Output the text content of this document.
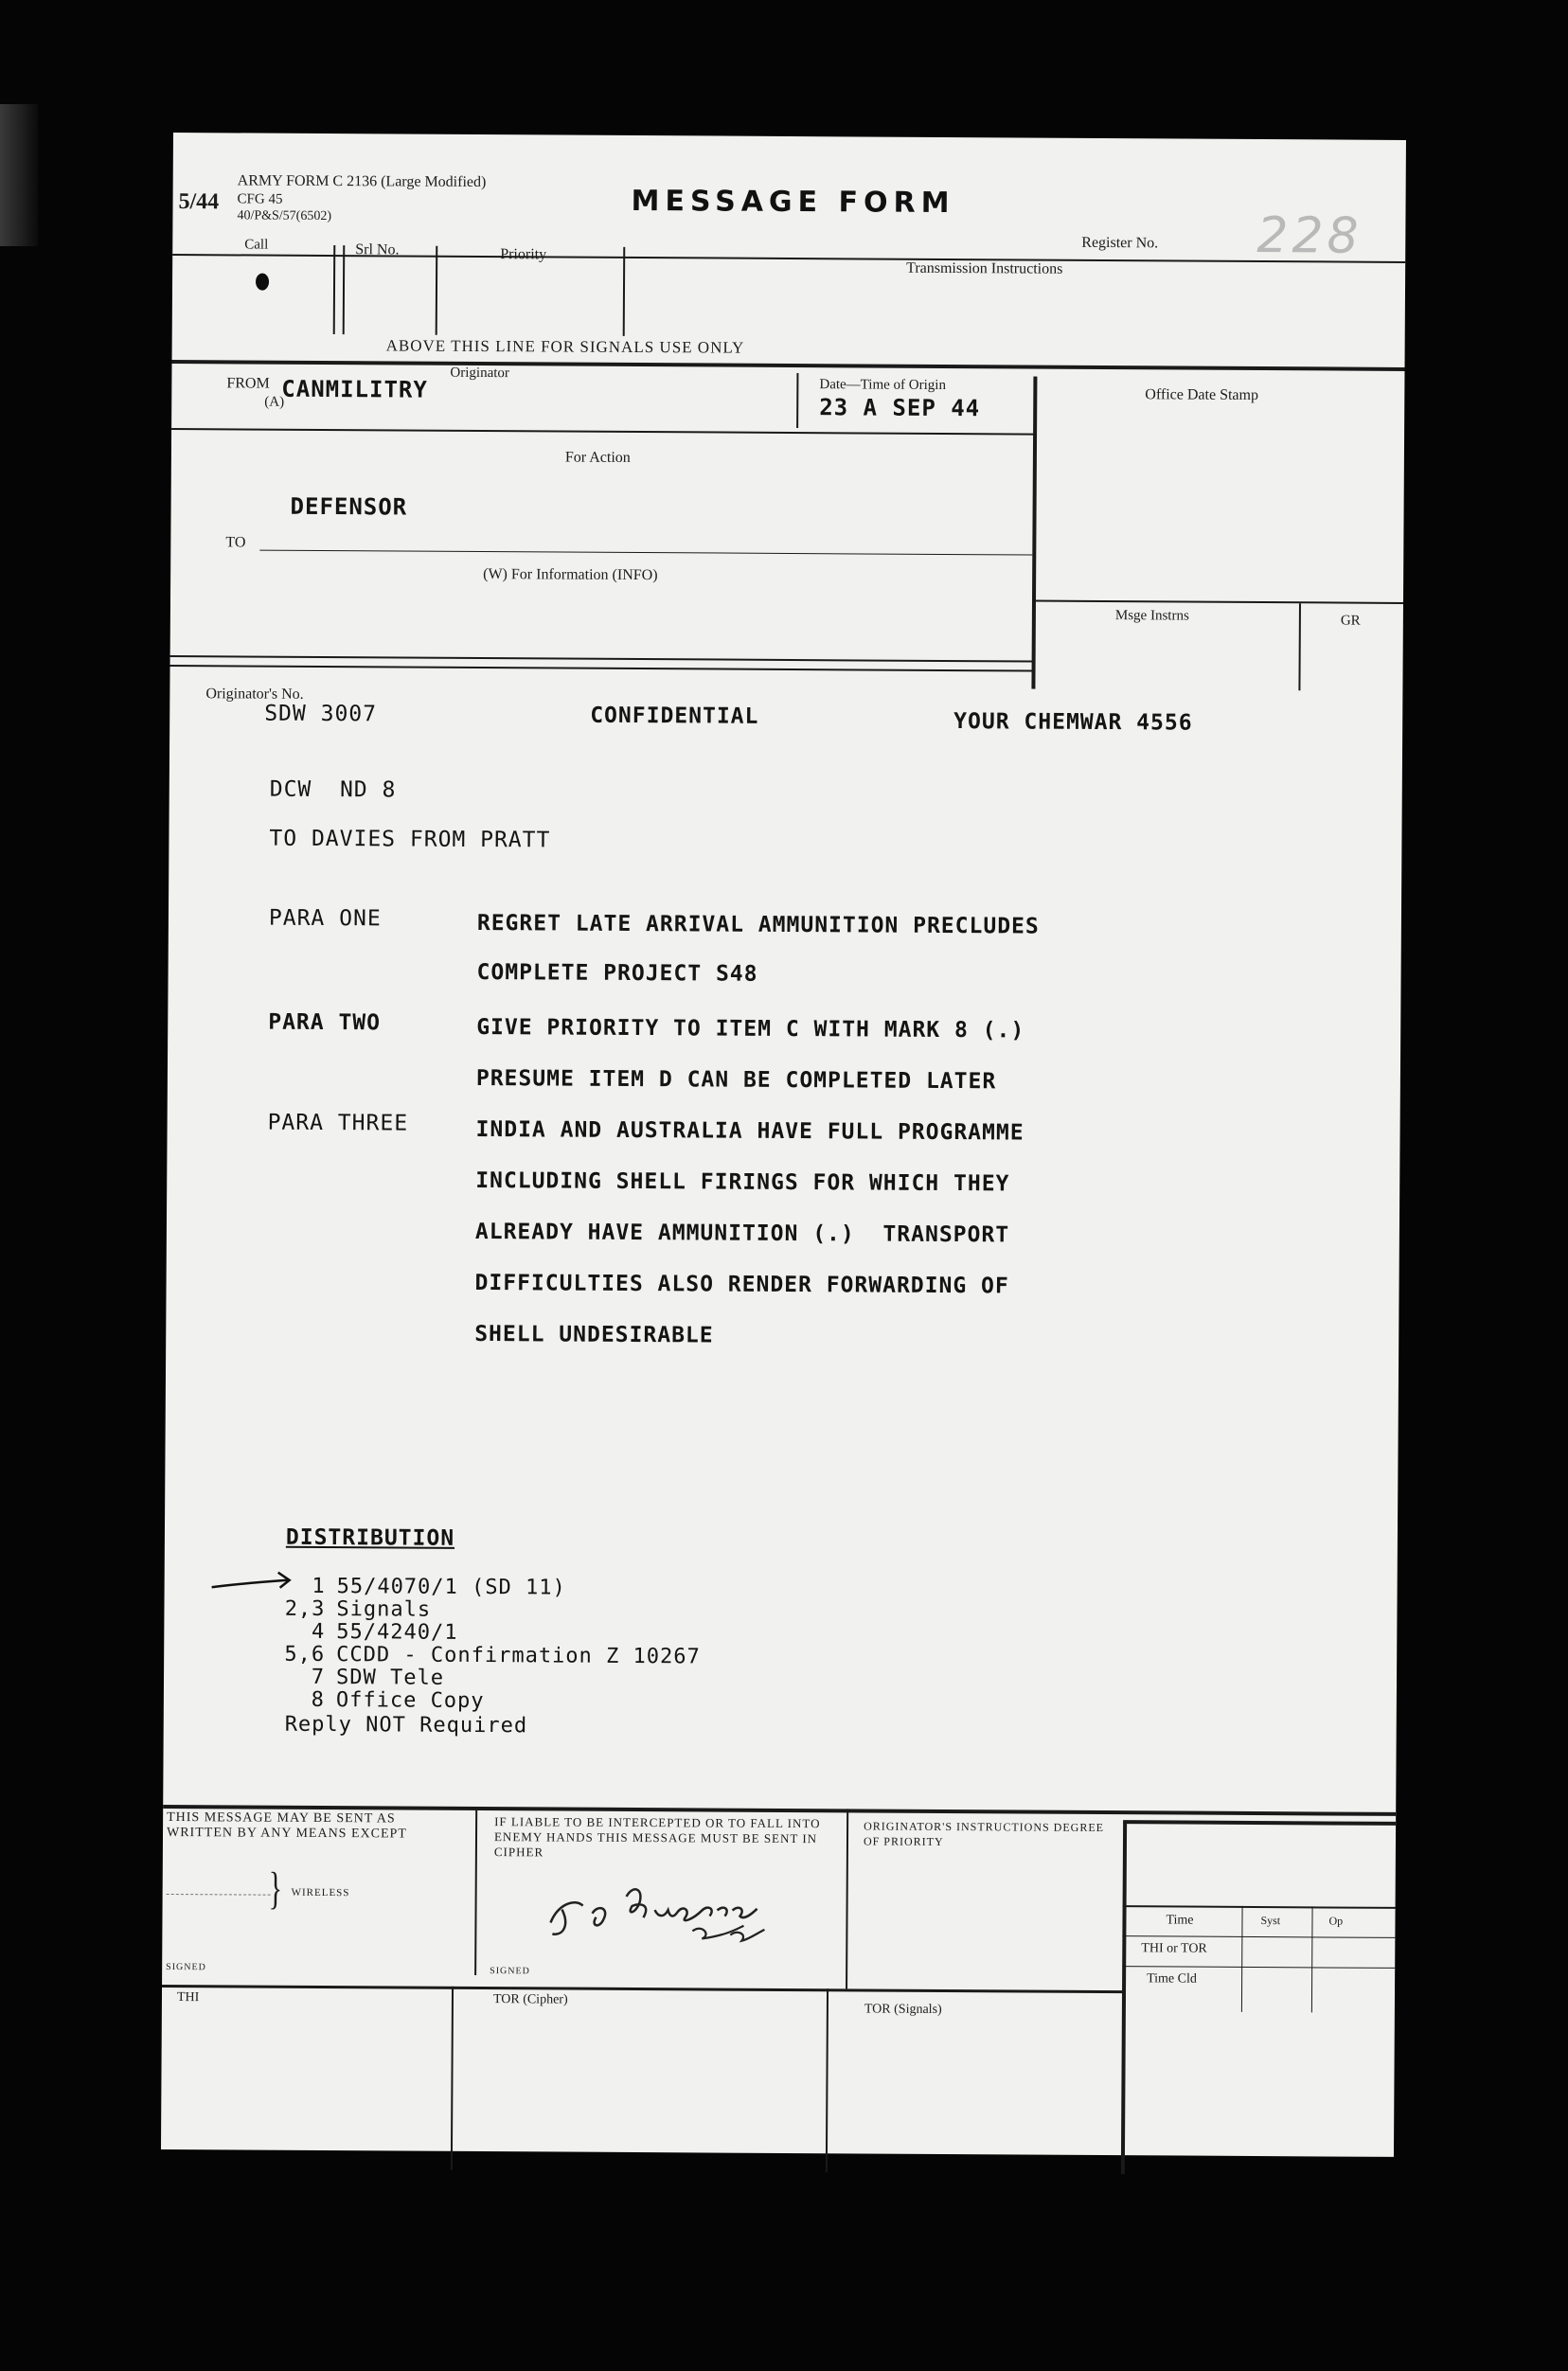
5/44
ARMY FORM C 2136 (Large Modified)
CFG 45
40/P&S/57(6502)	MESSAGE FORM
Register No. 228
Call	Srl No.	Priority
Transmission Instructions
ABOVE THIS LINE FOR SIGNALS USE ONLY
FROM
(A)
Originator
CANMILITRY	Date—Time of Origin
23 A SEP 44	Office Date Stamp
For Action
DEFENSOR
TO
(W) For Information (INFO)
Msge Instrns	GR
Originator's No.
SDW 3007	CONFIDENTIAL	YOUR CHEMWAR 4556
DCW  ND 8
TO DAVIES FROM PRATT
PARA ONE	REGRET LATE ARRIVAL AMMUNITION PRECLUDES
COMPLETE PROJECT S48
PARA TWO	GIVE PRIORITY TO ITEM C WITH MARK 8 (.)
PRESUME ITEM D CAN BE COMPLETED LATER
PARA THREE	INDIA AND AUSTRALIA HAVE FULL PROGRAMME
INCLUDING SHELL FIRINGS FOR WHICH THEY
ALREADY HAVE AMMUNITION (.)  TRANSPORT
DIFFICULTIES ALSO RENDER FORWARDING OF
SHELL UNDESIRABLE
DISTRIBUTION
1 55/4070/1 (SD 11)
2,3 Signals
4 55/4240/1
5,6 CCDD - Confirmation Z 10267
7 SDW Tele
8 Office Copy
Reply NOT Required
THIS MESSAGE MAY BE SENT AS WRITTEN BY ANY MEANS EXCEPT
} WIRELESS
SIGNED
IF LIABLE TO BE INTERCEPTED OR TO FALL INTO ENEMY HANDS THIS MESSAGE MUST BE SENT IN CIPHER
SIGNED
ORIGINATOR'S INSTRUCTIONS DEGREE OF PRIORITY
Time	Syst	Op
THI or TOR
Time Cld
THI	TOR (Cipher)
TOR (Signals)
